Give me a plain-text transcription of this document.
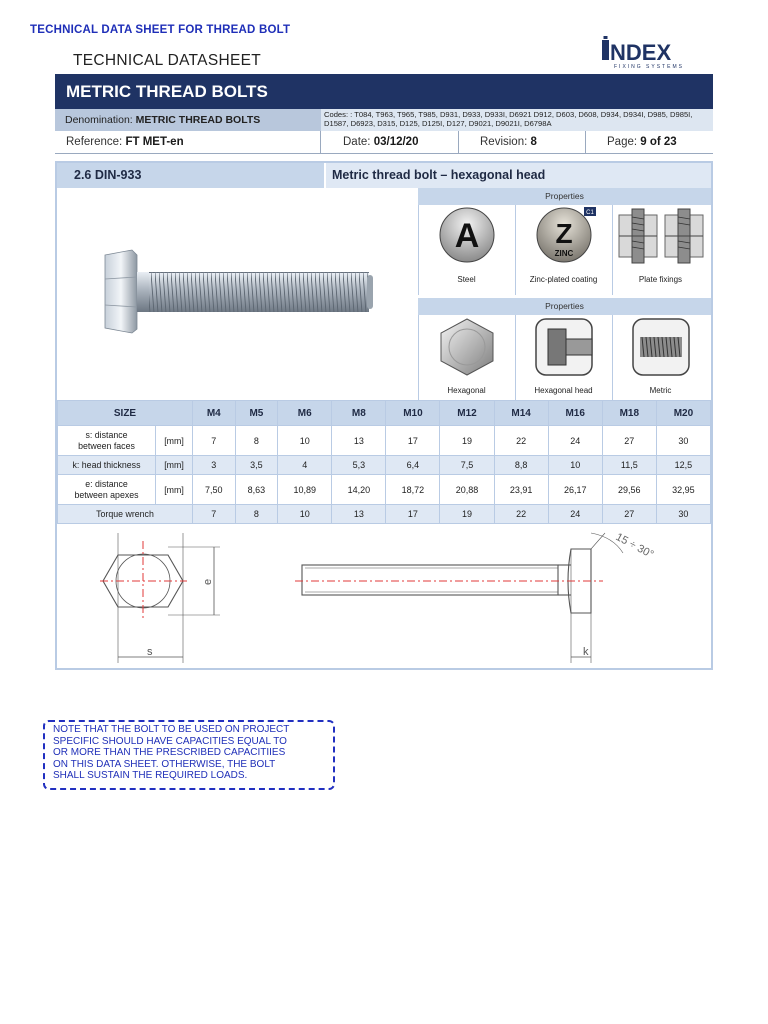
TECHNICAL DATA SHEET FOR THREAD BOLT
TECHNICAL DATASHEET	NDEX
FIXING SYSTEMS
METRIC THREAD BOLTS
Denomination: METRIC THREAD BOLTS	Codes: : T084, T963, T965, T985, D931, D933, D933I, D6921 D912, D603, D608, D934, D934I, D985, D985I, D1587, D6923, D315, D125, D125I, D127, D9021, D9021I, D6798A
Reference: FT MET-en	Date: 03/12/20	Revision: 8	Page: 9 of 23
2.6 DIN-933	Metric thread bolt – hexagonal head
Properties
A
Steel
Z
ZINC
C1
Zinc-plated coating	Plate fixings
Properties
Hexagonal	Hexagonal head	Metric
SIZE		M4	M5	M6	M8	M10	M12	M14	M16	M18	M20
s: distance
between faces	[mm]	7	8	10	13	17	19	22	24	27	30
k: head thickness	[mm]	3	3,5	4	5,3	6,4	7,5	8,8	10	11,5	12,5
e: distance
between apexes	[mm]	7,50	8,63	10,89	14,20	18,72	20,88	23,91	26,17	29,56	32,95
Torque wrench		7	8	10	13	17	19	22	24	27	30
e
s	k
15 ÷ 30°
NOTE THAT THE BOLT TO BE USED ON PROJECT
SPECIFIC SHOULD HAVE CAPACITIES EQUAL TO
OR MORE THAN THE PRESCRIBED CAPACITIIES
ON THIS DATA SHEET. OTHERWISE, THE BOLT
SHALL SUSTAIN THE REQUIRED LOADS.
